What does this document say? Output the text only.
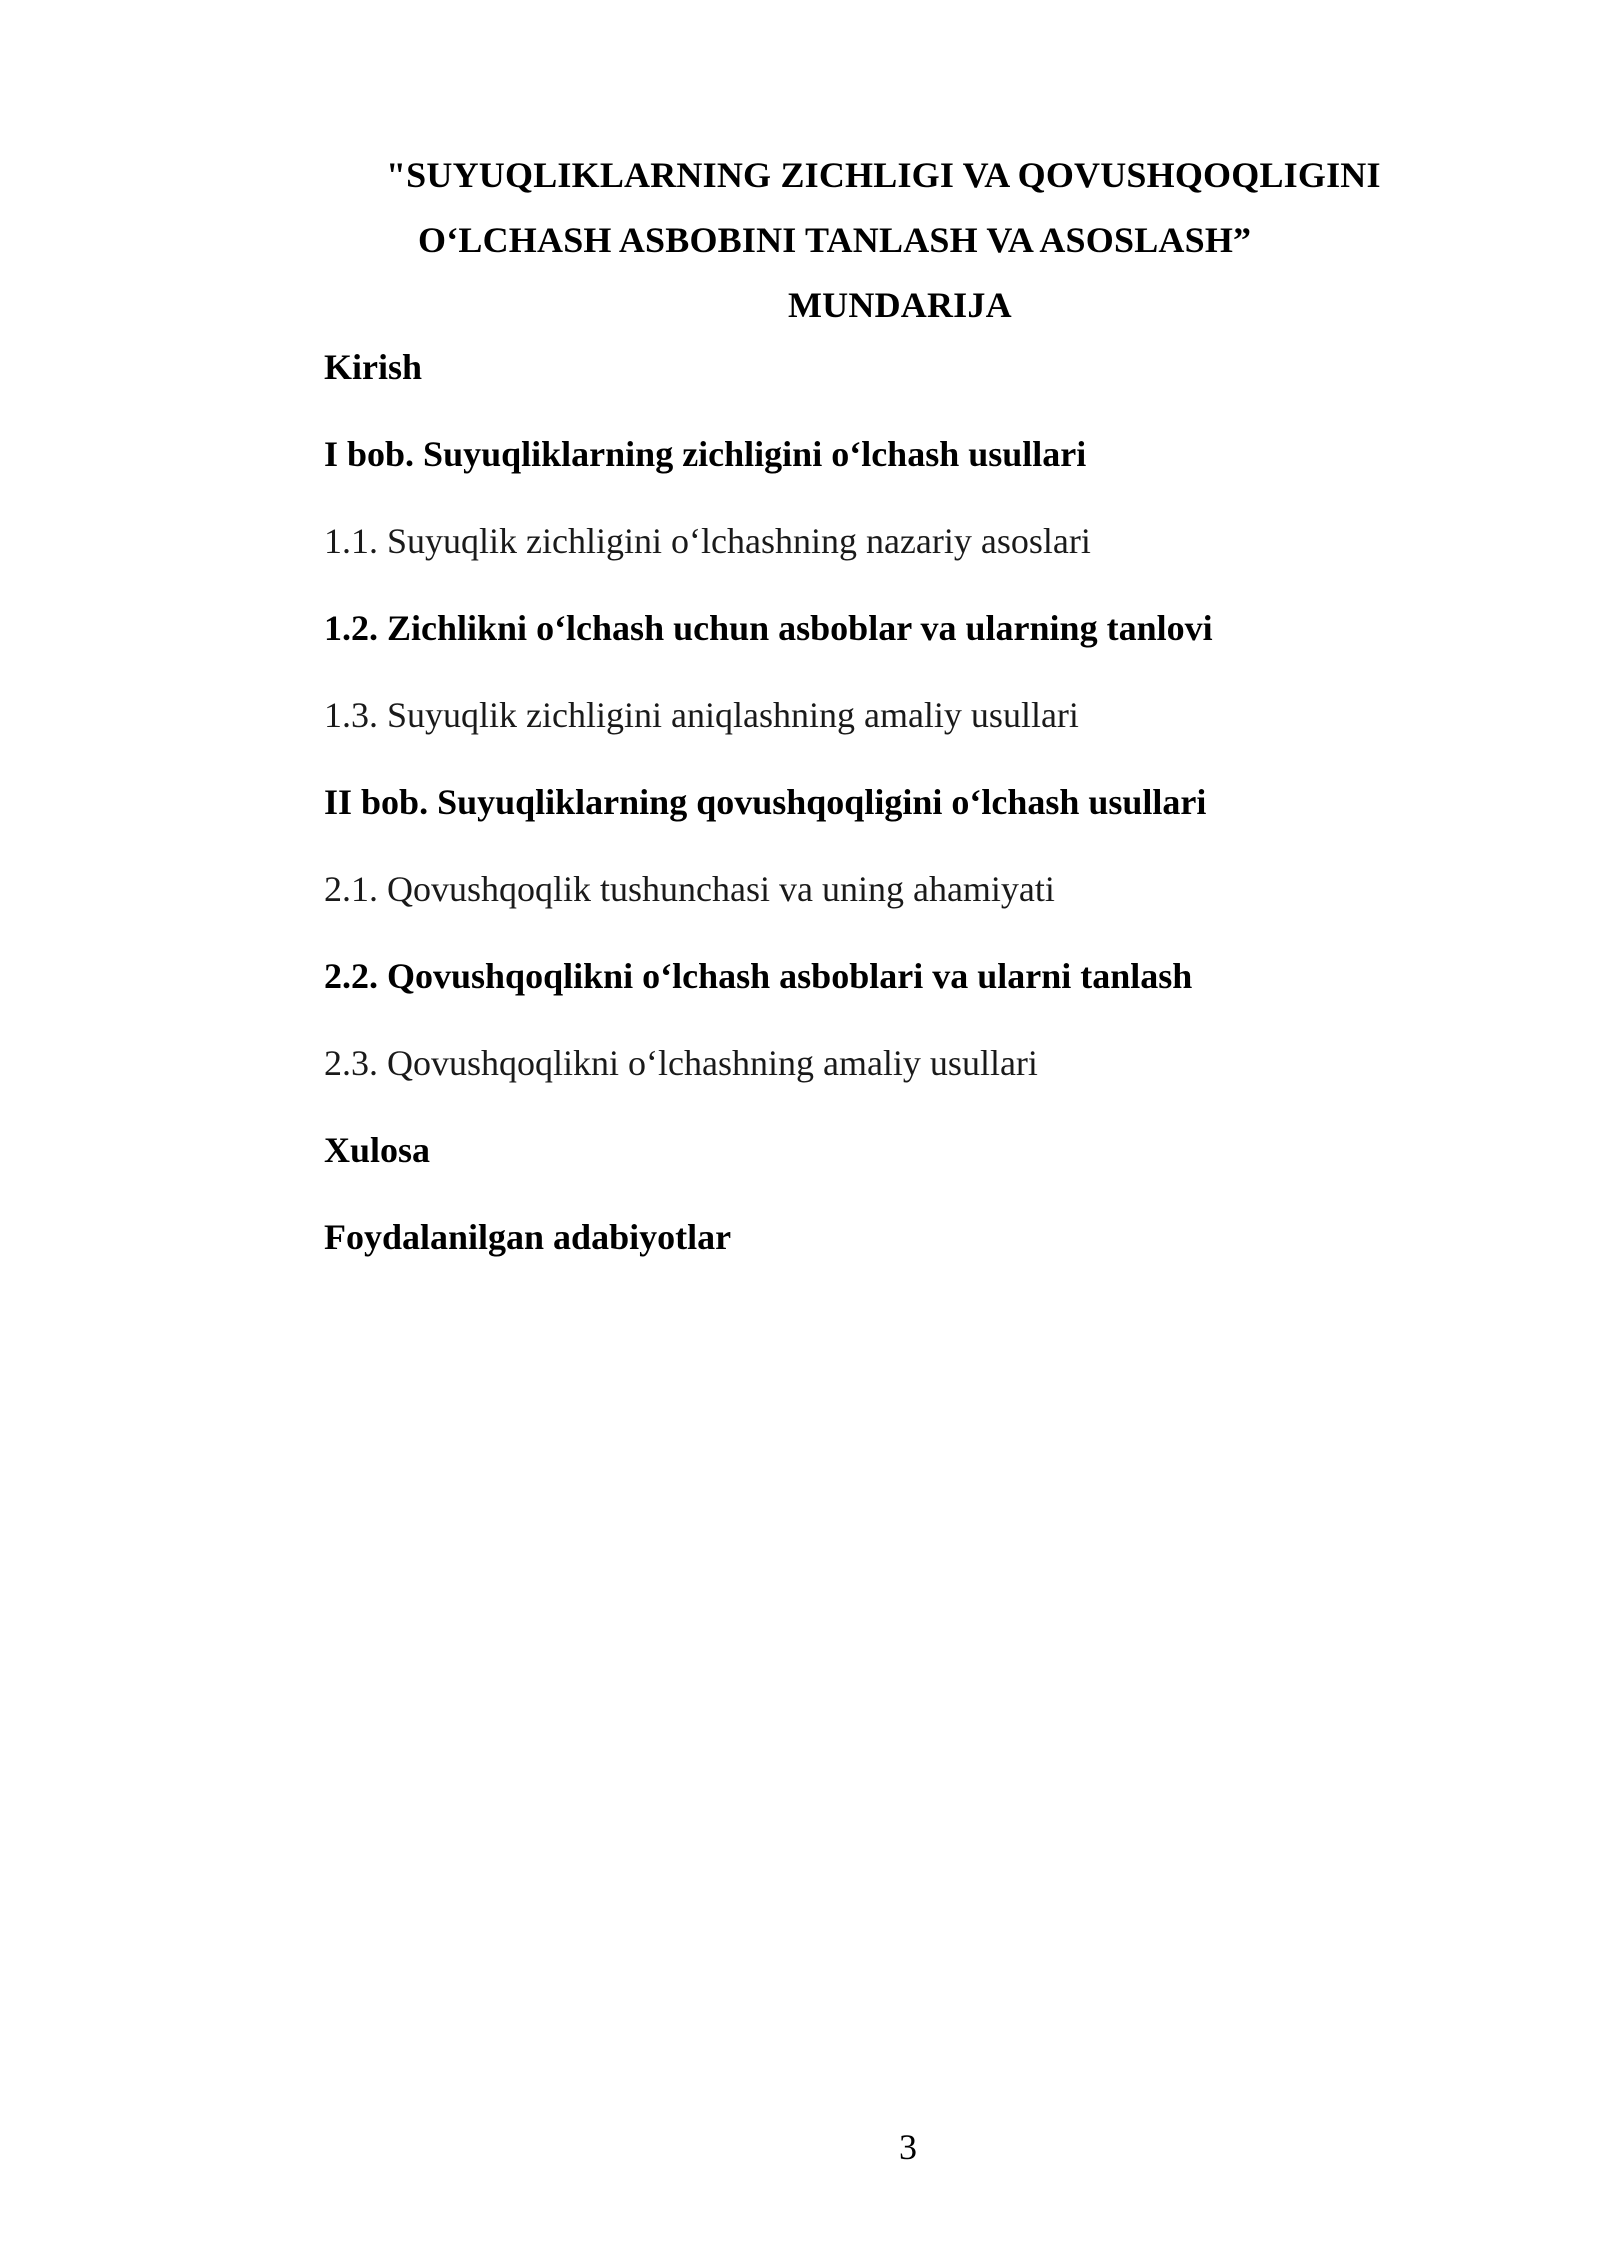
"SUYUQLIKLARNING ZICHLIGI VA QOVUSHQOQLIGINI
O‘LCHASH ASBOBINI TANLASH VA ASOSLASH”
MUNDARIJA

Kirish

I bob. Suyuqliklarning zichligini o‘lchash usullari

1.1. Suyuqlik zichligini o‘lchashning nazariy asoslari

1.2. Zichlikni o‘lchash uchun asboblar va ularning tanlovi

1.3. Suyuqlik zichligini aniqlashning amaliy usullari

II bob. Suyuqliklarning qovushqoqligini o‘lchash usullari

2.1. Qovushqoqlik tushunchasi va uning ahamiyati

2.2. Qovushqoqlikni o‘lchash asboblari va ularni tanlash

2.3. Qovushqoqlikni o‘lchashning amaliy usullari

Xulosa

Foydalanilgan adabiyotlar

3
